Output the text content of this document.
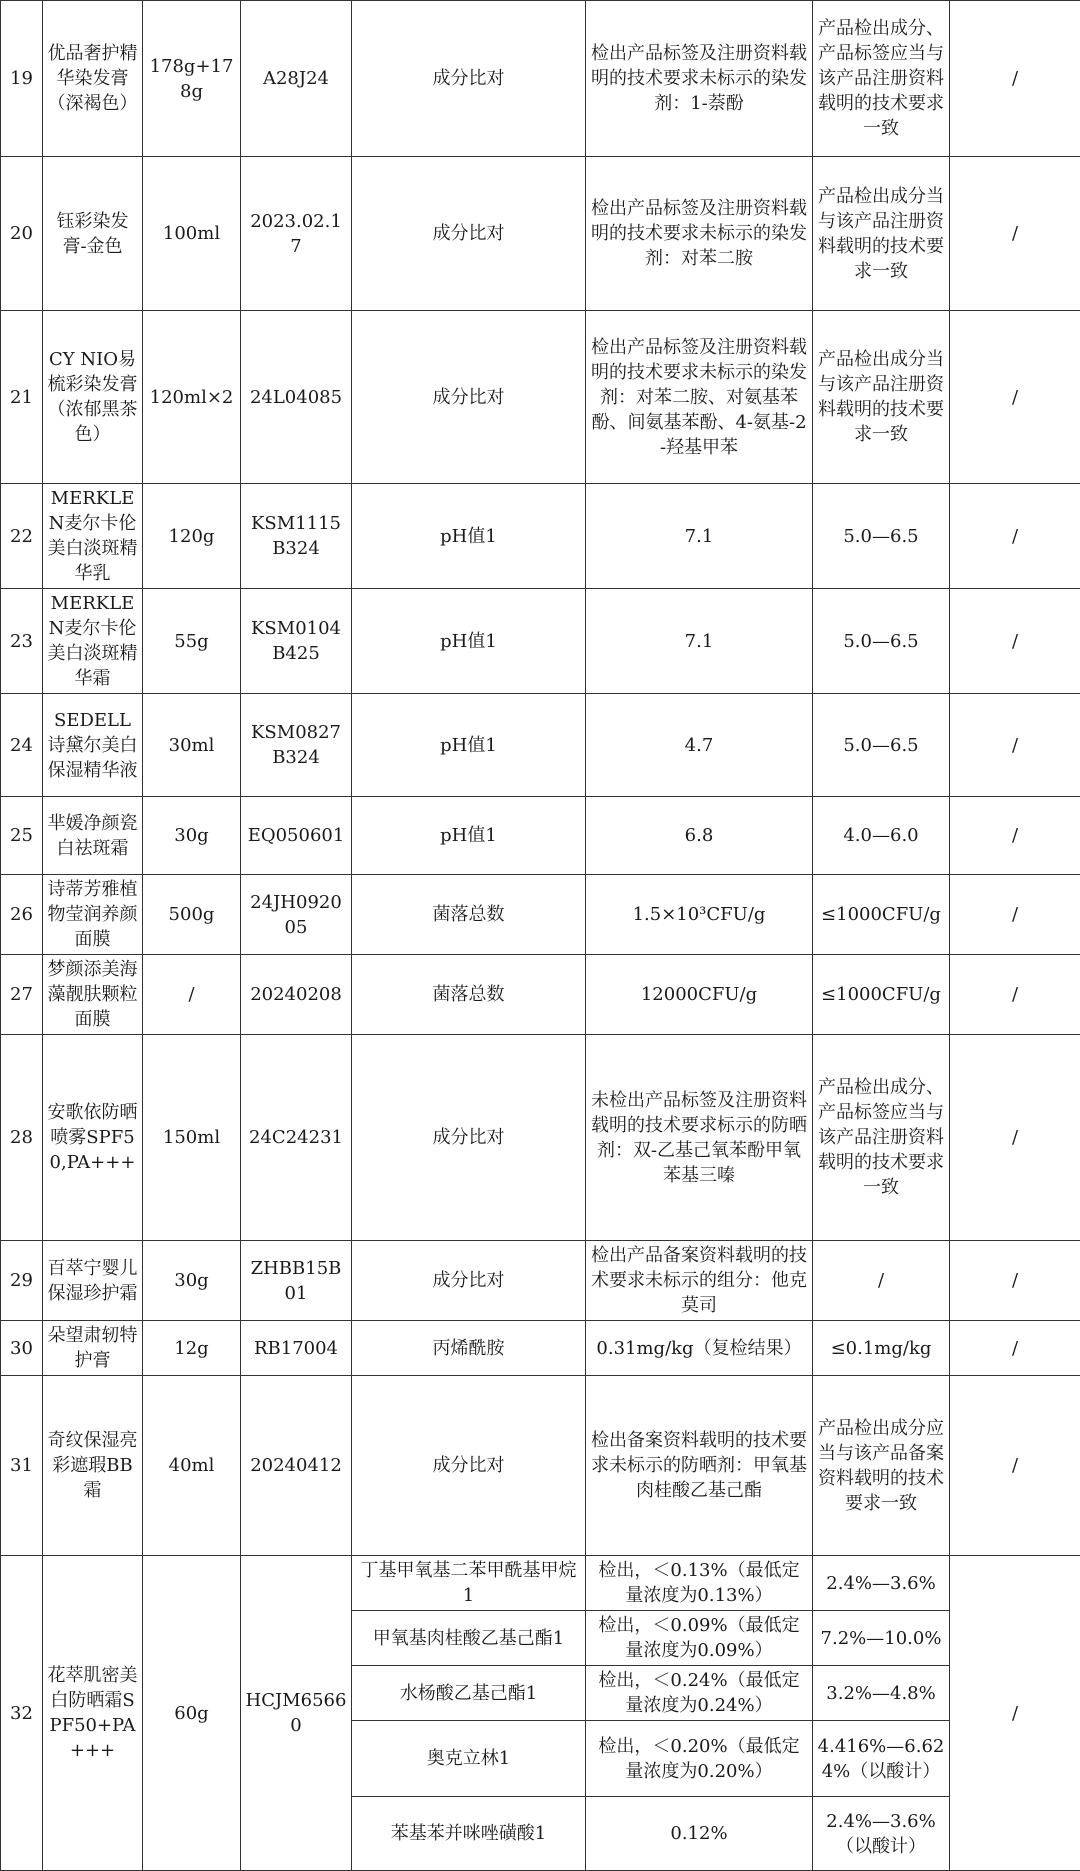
19	优品奢护精华染发膏（深褐色）	178g+178g	A28J24	成分比对	检出产品标签及注册资料载明的技术要求未标示的染发剂：1-萘酚	产品检出成分、产品标签应当与该产品注册资料载明的技术要求一致	/
20	钰彩染发膏-金色	100ml	2023.02.17	成分比对	检出产品标签及注册资料载明的技术要求未标示的染发剂：对苯二胺	产品检出成分当与该产品注册资料载明的技术要求一致	/
21	CY NIO易梳彩染发膏（浓郁黑茶色）	120ml×2	24L04085	成分比对	检出产品标签及注册资料载明的技术要求未标示的染发剂：对苯二胺、对氨基苯酚、间氨基苯酚、4-氨基-2-羟基甲苯	产品检出成分当与该产品注册资料载明的技术要求一致	/
22	MERKLEN麦尔卡伦美白淡斑精华乳	120g	KSM1115B324	pH值1	7.1	5.0—6.5	/
23	MERKLEN麦尔卡伦美白淡斑精华霜	55g	KSM0104B425	pH值1	7.1	5.0—6.5	/
24	SEDELL诗黛尔美白保湿精华液	30ml	KSM0827B324	pH值1	4.7	5.0—6.5	/
25	芈媛净颜瓷白祛斑霜	30g	EQ050601	pH值1	6.8	4.0—6.0	/
26	诗蒂芳雅植物莹润养颜面膜	500g	24JH092005	菌落总数	1.5×10³CFU/g	≤1000CFU/g	/
27	梦颜添美海藻靓肤颗粒面膜	/	20240208	菌落总数	12000CFU/g	≤1000CFU/g	/
28	安歌依防晒喷雾SPF50,PA+++	150ml	24C24231	成分比对	未检出产品标签及注册资料载明的技术要求标示的防晒剂：双-乙基己氧苯酚甲氧苯基三嗪	产品检出成分、产品标签应当与该产品注册资料载明的技术要求一致	/
29	百萃宁婴儿保湿珍护霜	30g	ZHBB15B01	成分比对	检出产品备案资料载明的技术要求未标示的组分：他克莫司	/	/
30	朵望肃轫特护膏	12g	RB17004	丙烯酰胺	0.31mg/kg（复检结果）	≤0.1mg/kg	/
31	奇纹保湿亮彩遮瑕BB霜	40ml	20240412	成分比对	检出备案资料载明的技术要求未标示的防晒剂：甲氧基肉桂酸乙基己酯	产品检出成分应当与该产品备案资料载明的技术要求一致	/
32	花萃肌密美白防晒霜SPF50+PA+++	60g	HCJM65660	丁基甲氧基二苯甲酰基甲烷1	检出，＜0.13%（最低定量浓度为0.13%）	2.4%—3.6%	/
				甲氧基肉桂酸乙基己酯1	检出，＜0.09%（最低定量浓度为0.09%）	7.2%—10.0%	
				水杨酸乙基己酯1	检出，＜0.24%（最低定量浓度为0.24%）	3.2%—4.8%	
				奥克立林1	检出，＜0.20%（最低定量浓度为0.20%）	4.416%—6.624%（以酸计）	
				苯基苯并咪唑磺酸1	0.12%	2.4%—3.6%（以酸计）	
